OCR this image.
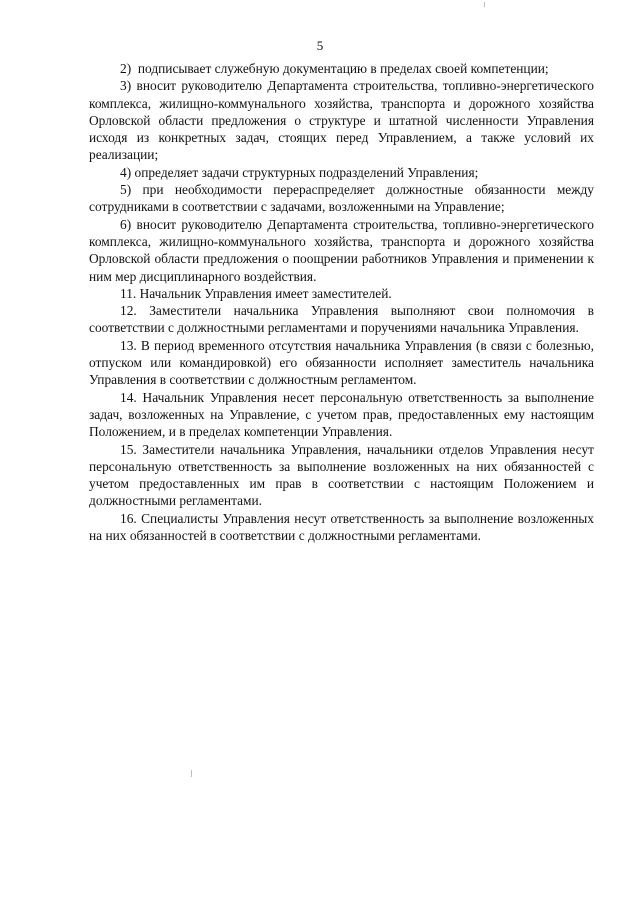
5

2)  подписывает служебную документацию в пределах своей компетенции;

3) вносит руководителю Департамента строительства, топливно-энергетического комплекса, жилищно-коммунального хозяйства, транспорта и дорожного хозяйства Орловской области предложения о структуре и штатной численности Управления исходя из конкретных задач, стоящих перед Управлением, а также условий их реализации;

4) определяет задачи структурных подразделений Управления;

5) при необходимости перераспределяет должностные обязанности между сотрудниками в соответствии с задачами, возложенными на Управление;

6) вносит руководителю Департамента строительства, топливно-энергетического комплекса, жилищно-коммунального хозяйства, транспорта и дорожного хозяйства Орловской области предложения о поощрении работников Управления и применении к ним мер дисциплинарного воздействия.

11. Начальник Управления имеет заместителей.

12. Заместители начальника Управления выполняют свои полномочия в соответствии с должностными регламентами и поручениями начальника Управления.

13. В период временного отсутствия начальника Управления (в связи с болезнью, отпуском или командировкой) его обязанности исполняет заместитель начальника Управления в соответствии с должностным регламентом.

14. Начальник Управления несет персональную ответственность за выполнение задач, возложенных на Управление, с учетом прав, предоставленных ему настоящим Положением, и в пределах компетенции Управления.

15. Заместители начальника Управления, начальники отделов Управления несут персональную ответственность за выполнение возложенных на них обязанностей с учетом предоставленных им прав в соответствии с настоящим Положением и должностными регламентами.

16. Специалисты Управления несут ответственность за выполнение возложенных на них обязанностей в соответствии с должностными регламентами.
